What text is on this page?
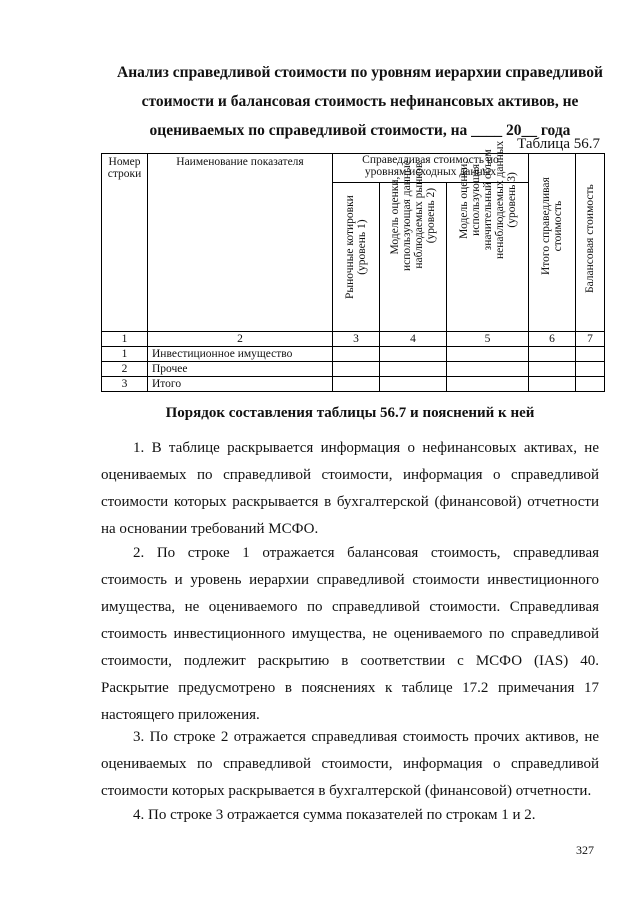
Анализ справедливой стоимости по уровням иерархии справедливой
стоимости и балансовая стоимость нефинансовых активов, не
оцениваемых по справедливой стоимости, на ____ 20__ года
Таблица 56.7
Номер строки	Наименование показателя	Справедливая стоимость по уровням исходных данных			Итого справедливая стоимость	Балансовая стоимость

		Рыночные котировки (уровень 1)	Модель оценки, использующая данные наблюдаемых рынков (уровень 2)	Модель оценки, использующая значительный объем ненаблюдаемых данных (уровень 3)		

1	2	3	4	5	6	7
1	Инвестиционное имущество					
2	Прочее					
3	Итого					
Порядок составления таблицы 56.7 и пояснений к ней

1. В таблице раскрывается информация о нефинансовых активах, не оцениваемых по справедливой стоимости, информация о справедливой стоимости которых раскрывается в бухгалтерской (финансовой) отчетности на основании требований МСФО.

2. По строке 1 отражается балансовая стоимость, справедливая стоимость и уровень иерархии справедливой стоимости инвестиционного имущества, не оцениваемого по справедливой стоимости. Справедливая стоимость инвестиционного имущества, не оцениваемого по справедливой стоимости, подлежит раскрытию в соответствии с МСФО (IAS) 40. Раскрытие предусмотрено в пояснениях к таблице 17.2 примечания 17 настоящего приложения.

3. По строке 2 отражается справедливая стоимость прочих активов, не оцениваемых по справедливой стоимости, информация о справедливой стоимости которых раскрывается в бухгалтерской (финансовой) отчетности.

4. По строке 3 отражается сумма показателей по строкам 1 и 2.

327
